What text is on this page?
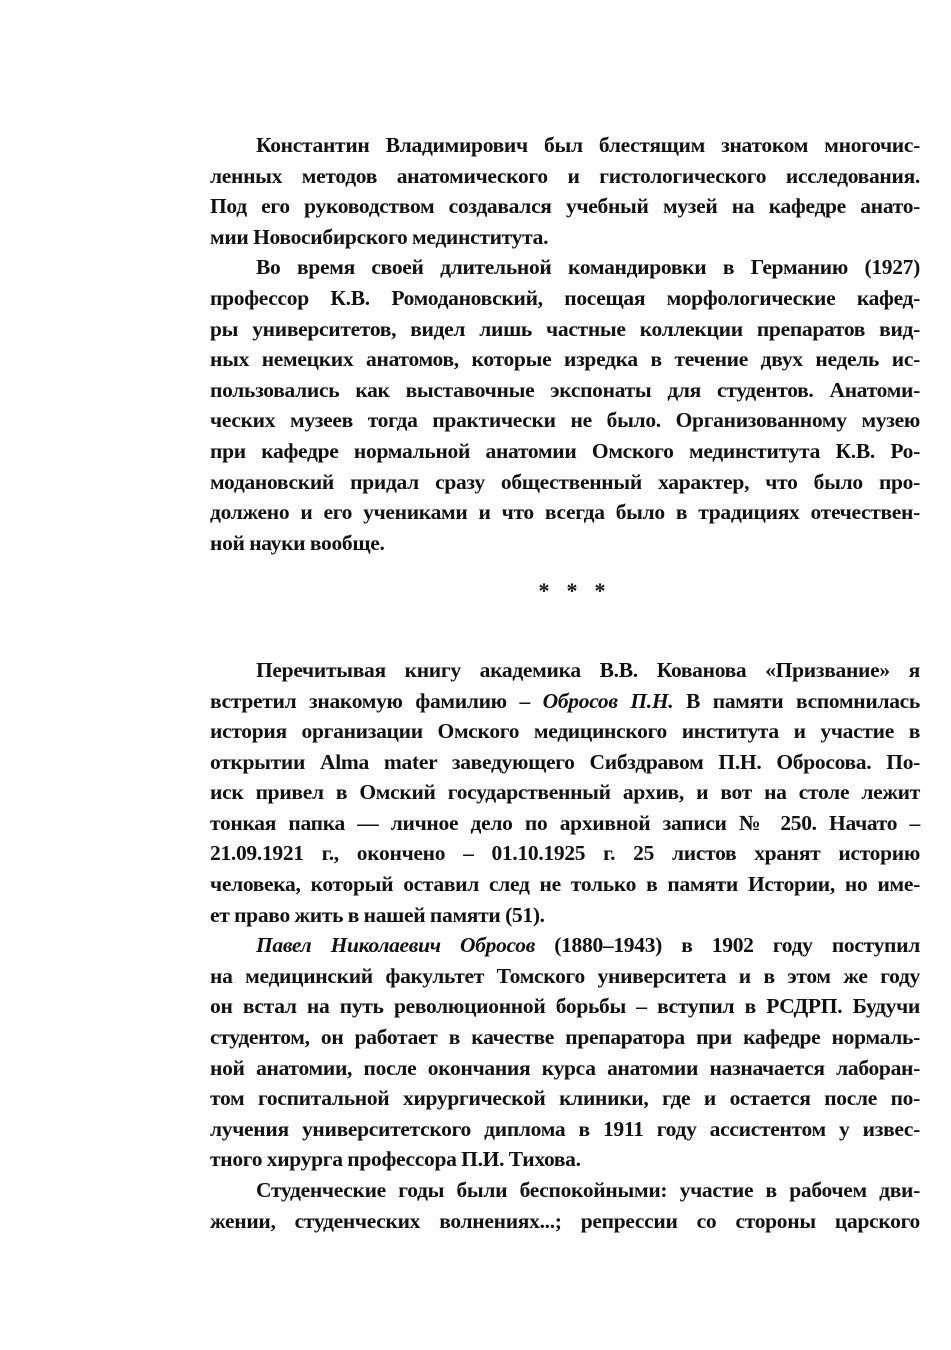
Константин Владимирович был блестящим знатоком многочис-
ленных методов анатомического и гистологического исследования.
Под его руководством создавался учебный музей на кафедре анато-
мии Новосибирского мединститута.
Во время своей длительной командировки в Германию (1927)
профессор К.В. Ромодановский, посещая морфологические кафед-
ры университетов, видел лишь частные коллекции препаратов вид-
ных немецких анатомов, которые изредка в течение двух недель ис-
пользовались как выставочные экспонаты для студентов. Анатоми-
ческих музеев тогда практически не было. Организованному музею
при кафедре нормальной анатомии Омского мединститута К.В. Ро-
модановский придал сразу общественный характер, что было про-
должено и его учениками и что всегда было в традициях отечествен-
ной науки вообще.
* * *
Перечитывая книгу академика В.В. Кованова «Призвание» я
встретил знакомую фамилию – Обросов П.Н. В памяти вспомнилась
история организации Омского медицинского института и участие в
открытии Alma mater заведующего Сибздравом П.Н. Обросова. По-
иск привел в Омский государственный архив, и вот на столе лежит
тонкая папка — личное дело по архивной записи № 250. Начато –
21.09.1921 г., окончено – 01.10.1925 г. 25 листов хранят историю
человека, который оставил след не только в памяти Истории, но име-
ет право жить в нашей памяти (51).
Павел Николаевич Обросов (1880–1943) в 1902 году поступил
на медицинский факультет Томского университета и в этом же году
он встал на путь революционной борьбы – вступил в РСДРП. Будучи
студентом, он работает в качестве препаратора при кафедре нормаль-
ной анатомии, после окончания курса анатомии назначается лаборан-
том госпитальной хирургической клиники, где и остается после по-
лучения университетского диплома в 1911 году ассистентом у извес-
тного хирурга профессора П.И. Тихова.
Студенческие годы были беспокойными: участие в рабочем дви-
жении, студенческих волнениях...; репрессии со стороны царского
